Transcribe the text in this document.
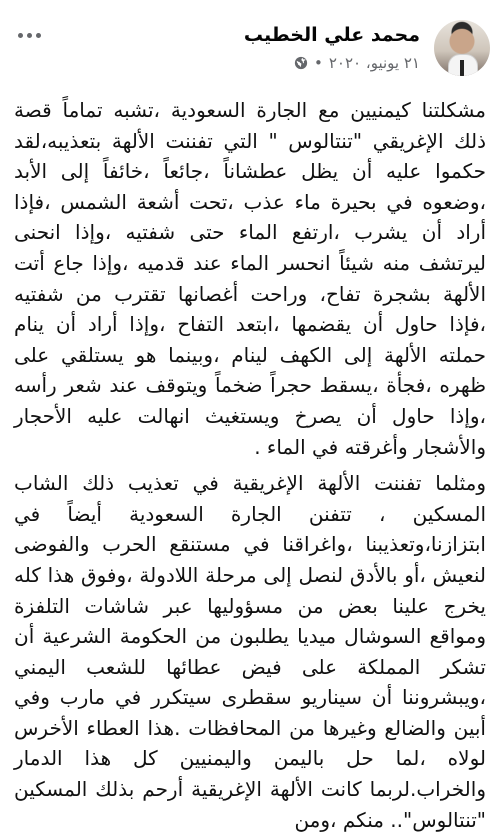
محمد علي الخطيب
٢١ يونيو، ٢٠٢٠
•

مشكلتنا كيمنيين مع الجارة السعودية ،تشبه تماماً قصة ذلك الإغريقي "تنتالوس " التي تفننت الألهة بتعذيبه،لقد حكموا عليه أن يظل عطشاناً ،جائعاً ،خائفاً إلى الأبد ،وضعوه في بحيرة ماء عذب ،تحت أشعة الشمس ،فإذا أراد أن يشرب ،ارتفع الماء حتى شفتيه ،وإذا انحنى ليرتشف منه شيئاً انحسر الماء عند قدميه ،وإذا جاع أتت الألهة بشجرة تفاح، وراحت أغصانها تقترب من شفتيه ،فإذا حاول أن يقضمها ،ابتعد التفاح ،وإذا أراد أن ينام حملته الألهة إلى الكهف لينام ،وبينما هو يستلقي على ظهره ،فجأة ،يسقط حجراً ضخماً ويتوقف عند شعر رأسه ،وإذا حاول أن يصرخ ويستغيث انهالت عليه الأحجار والأشجار وأغرقته في الماء .

ومثلما تفننت الألهة الإغريقية في تعذيب ذلك الشاب المسكين ، تتفنن الجارة السعودية أيضاً في ابتزازنا،وتعذيبنا ،واغراقنا في مستنقع الحرب والفوضى لنعيش ،أو بالأدق لنصل إلى مرحلة اللادولة ،وفوق هذا كله يخرج علينا بعض من مسؤوليها عبر شاشات التلفزة ومواقع السوشال ميديا يطلبون من الحكومة الشرعية أن تشكر المملكة على فيض عطائها للشعب اليمني ،ويبشروننا أن سيناريو سقطرى سيتكرر في مارب وفي أبين والضالع وغيرها من المحافظات .هذا العطاء الأخرس لولاه ،لما حل باليمن واليمنيين كل هذا الدمار والخراب.لربما كانت الألهة الإغريقية أرحم بذلك المسكين "تنتالوس".. منكم ،ومن
